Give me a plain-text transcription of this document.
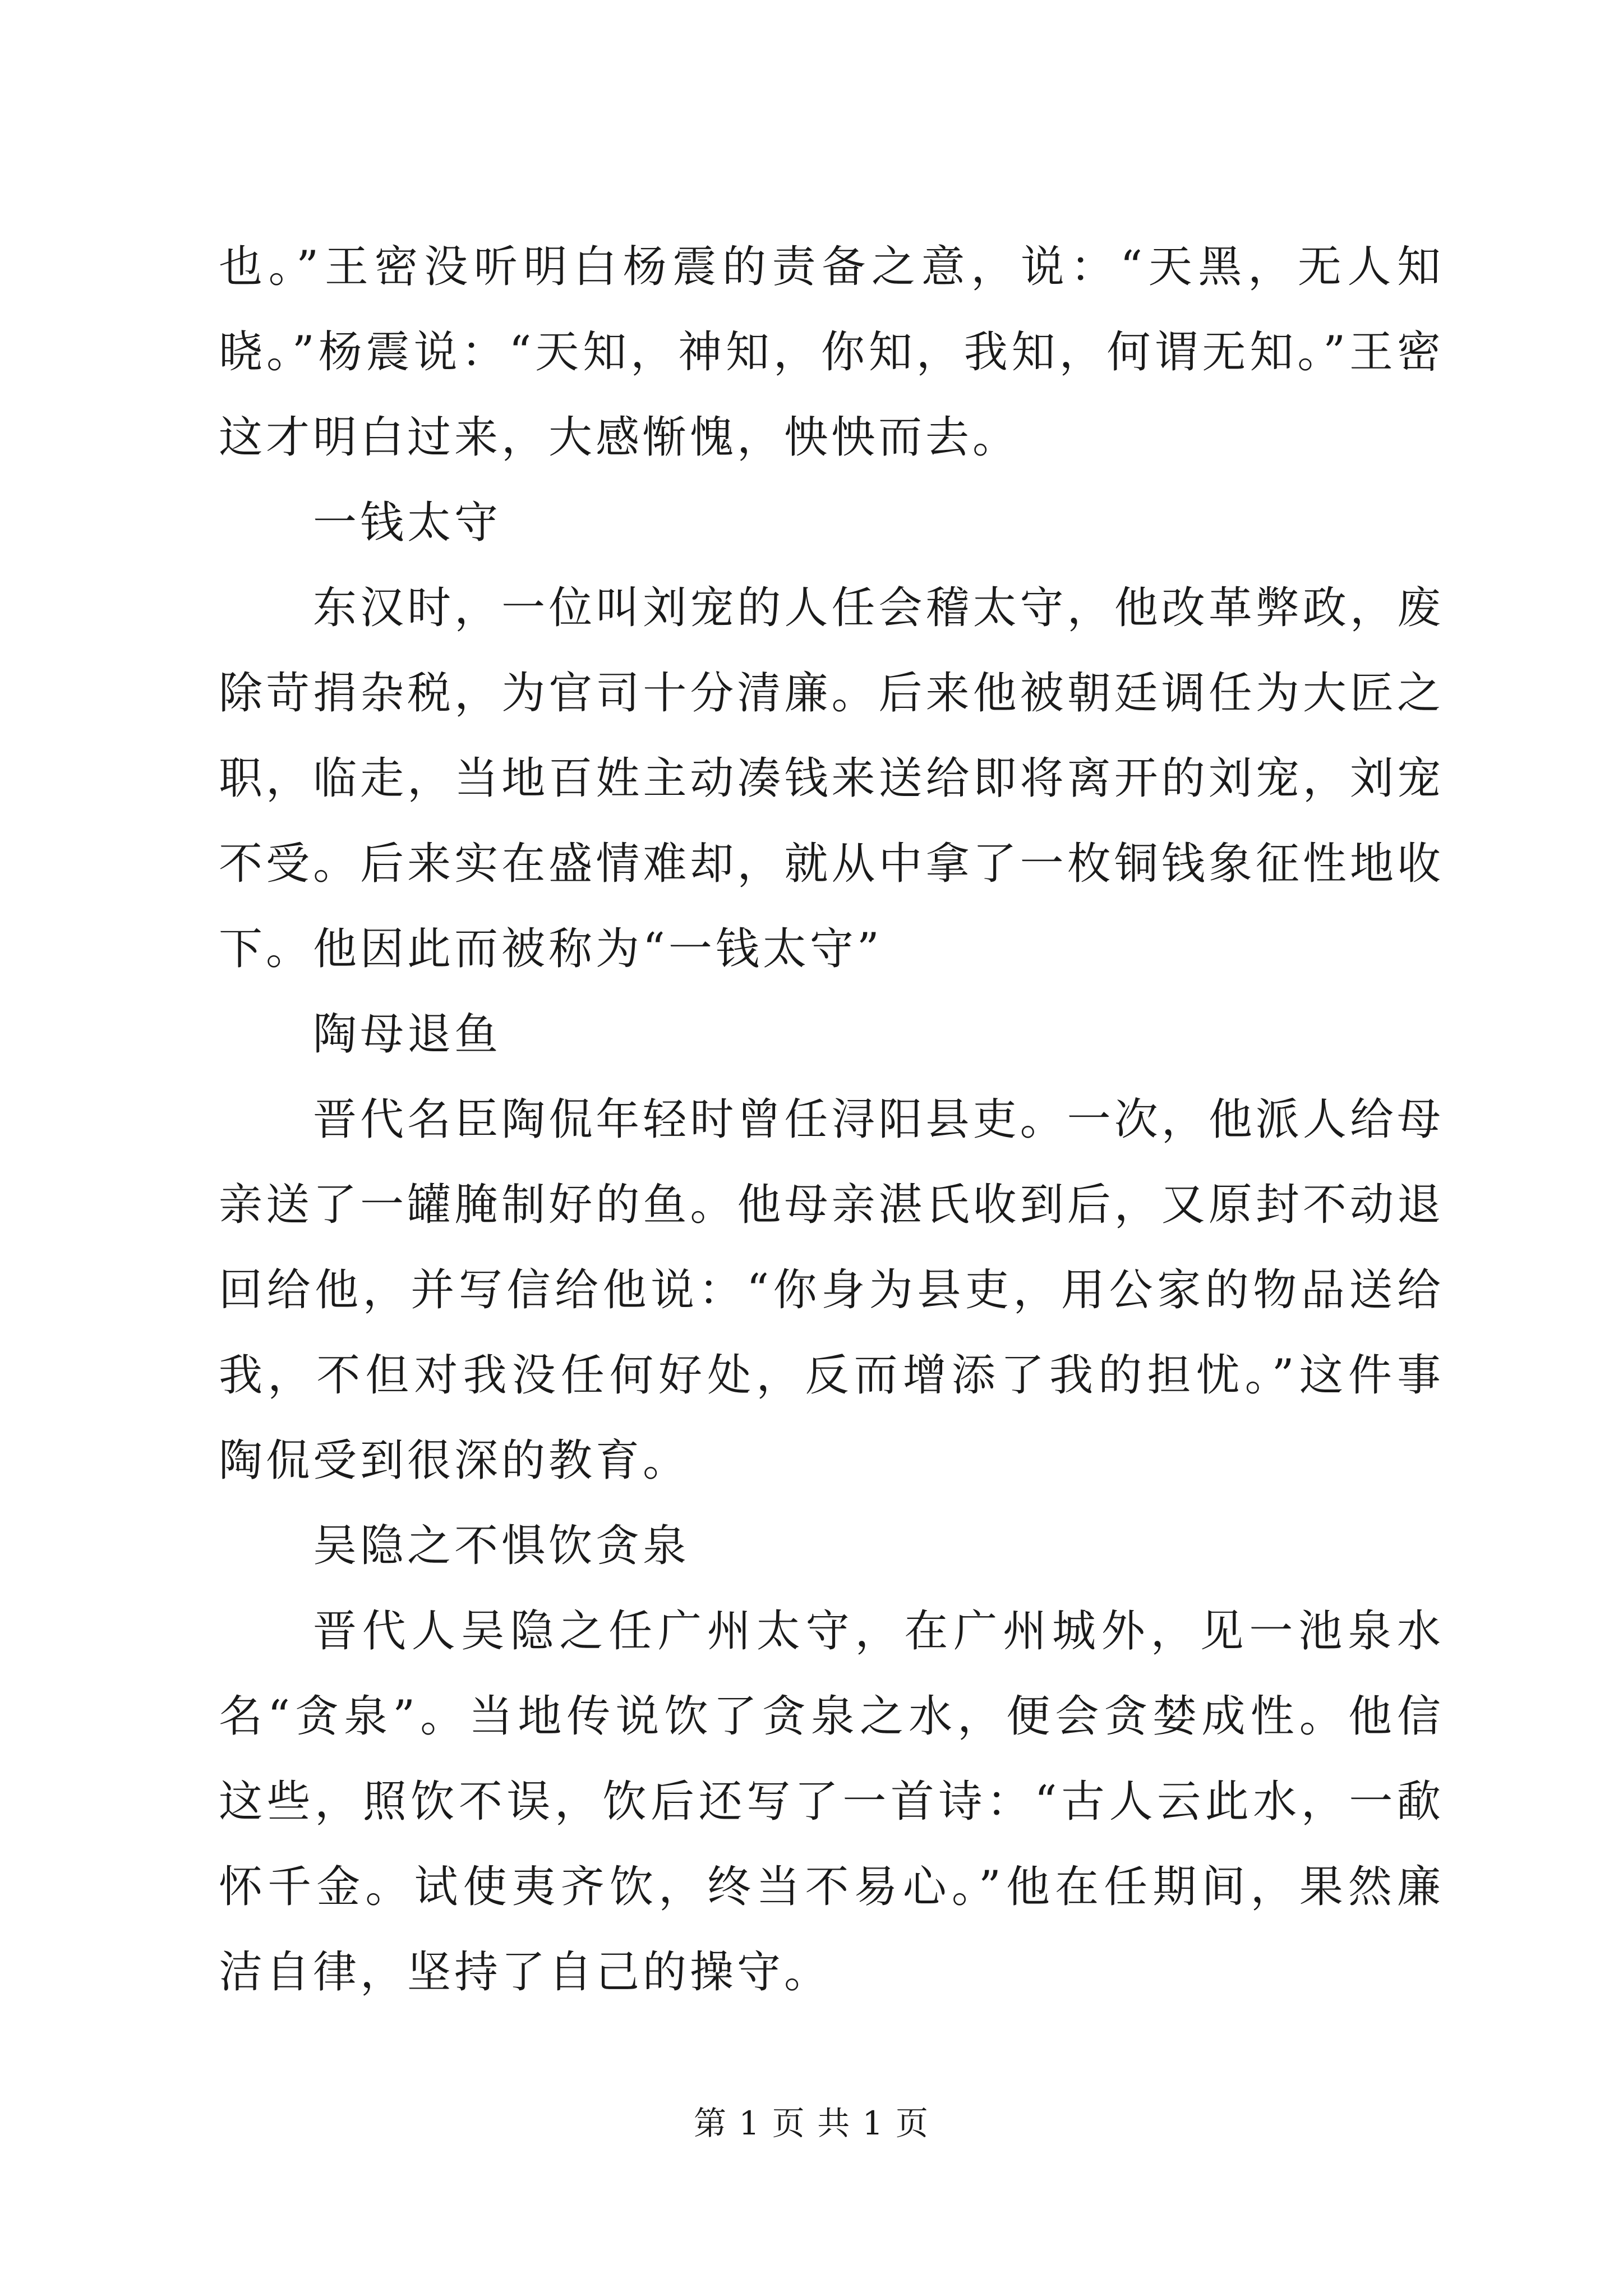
也。”王密没听明白杨震的责备之意，说：“天黑，无人知晓。”杨震说：“天知，神知，你知，我知，何谓无知。”王密这才明白过来，大感惭愧，怏怏而去。

一钱太守

东汉时，一位叫刘宠的人任会稽太守，他改革弊政，废除苛捐杂税，为官司十分清廉。后来他被朝廷调任为大匠之职，临走，当地百姓主动凑钱来送给即将离开的刘宠，刘宠不受。后来实在盛情难却，就从中拿了一枚铜钱象征性地收下。他因此而被称为“一钱太守”

陶母退鱼

晋代名臣陶侃年轻时曾任浔阳县吏。一次，他派人给母亲送了一罐腌制好的鱼。他母亲湛氏收到后，又原封不动退回给他，并写信给他说：“你身为县吏，用公家的物品送给我，不但对我没任何好处，反而增添了我的担忧。”这件事陶侃受到很深的教育。

吴隐之不惧饮贪泉

晋代人吴隐之任广州太守，在广州城外，见一池泉水名“贪泉”。当地传说饮了贪泉之水，便会贪婪成性。他信这些，照饮不误，饮后还写了一首诗：“古人云此水，一歃怀千金。试使夷齐饮，终当不易心。”他在任期间，果然廉洁自律，坚持了自己的操守。

第 1 页 共 1 页
